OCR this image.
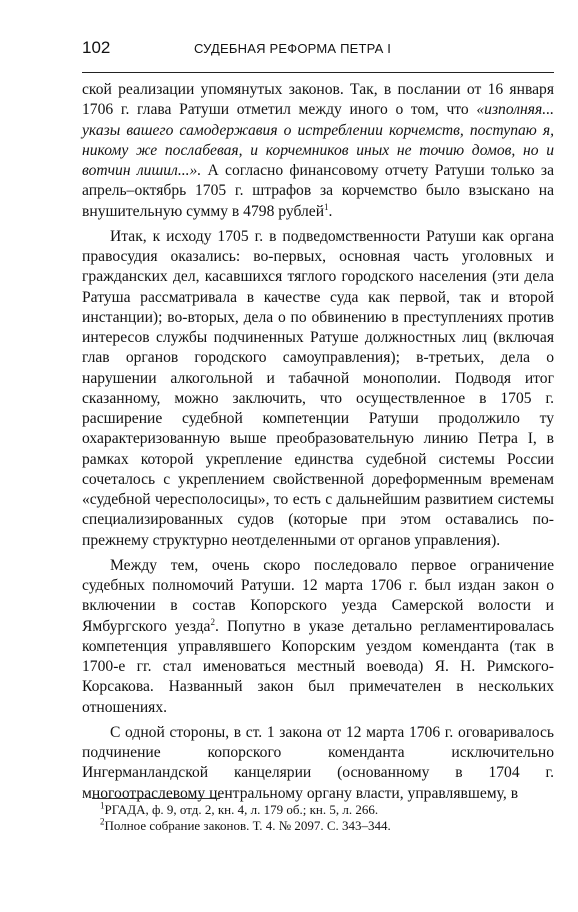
102	СУДЕБНАЯ РЕФОРМА ПЕТРА I

ской реализации упомянутых законов. Так, в послании от 16 января 1706 г. глава Ратуши отметил между иного о том, что «изполняя... указы вашего самодержавия о истреблении корчемств, поступаю я, никому же послабевая, и корчемников иных не точию домов, но и вотчин лишил...». А согласно финансовому отчету Ратуши только за апрель–октябрь 1705 г. штрафов за корчемство было взыскано на внушительную сумму в 4798 рублей$^1$.

Итак, к исходу 1705 г. в подведомственности Ратуши как органа правосудия оказались: во-первых, основная часть уголовных и гражданских дел, касавшихся тяглого городского населения (эти дела Ратуша рассматривала в качестве суда как первой, так и второй инстанции); во-вторых, дела о по обвинению в преступлениях против интересов службы подчиненных Ратуше должностных лиц (включая глав органов городского самоуправления); в-третьих, дела о нарушении алкогольной и табачной монополии. Подводя итог сказанному, можно заключить, что осуществленное в 1705 г. расширение судебной компетенции Ратуши продолжило ту охарактеризованную выше преобразовательную линию Петра I, в рамках которой укрепление единства судебной системы России сочеталось с укреплением свойственной дореформенным временам «судебной чересполосицы», то есть с дальнейшим развитием системы специализированных судов (которые при этом оставались по-прежнему структурно неотделенными от органов управления).

Между тем, очень скоро последовало первое ограничение судебных полномочий Ратуши. 12 марта 1706 г. был издан закон о включении в состав Копорского уезда Самерской волости и Ямбургского уезда$^2$. Попутно в указе детально регламентировалась компетенция управлявшего Копорским уездом коменданта (так в 1700-е гг. стал именоваться местный воевода) Я. Н. Римского-Корсакова. Названный закон был примечателен в нескольких отношениях.

С одной стороны, в ст. 1 закона от 12 марта 1706 г. оговаривалось подчинение копорского коменданта исключительно Ингерманландской канцелярии (основанному в 1704 г. многоотраслевому центральному органу власти, управлявшему, в

$^1$РГАДА, ф. 9, отд. 2, кн. 4, л. 179 об.; кн. 5, л. 266.

$^2$Полное собрание законов. Т. 4. № 2097. С. 343–344.
